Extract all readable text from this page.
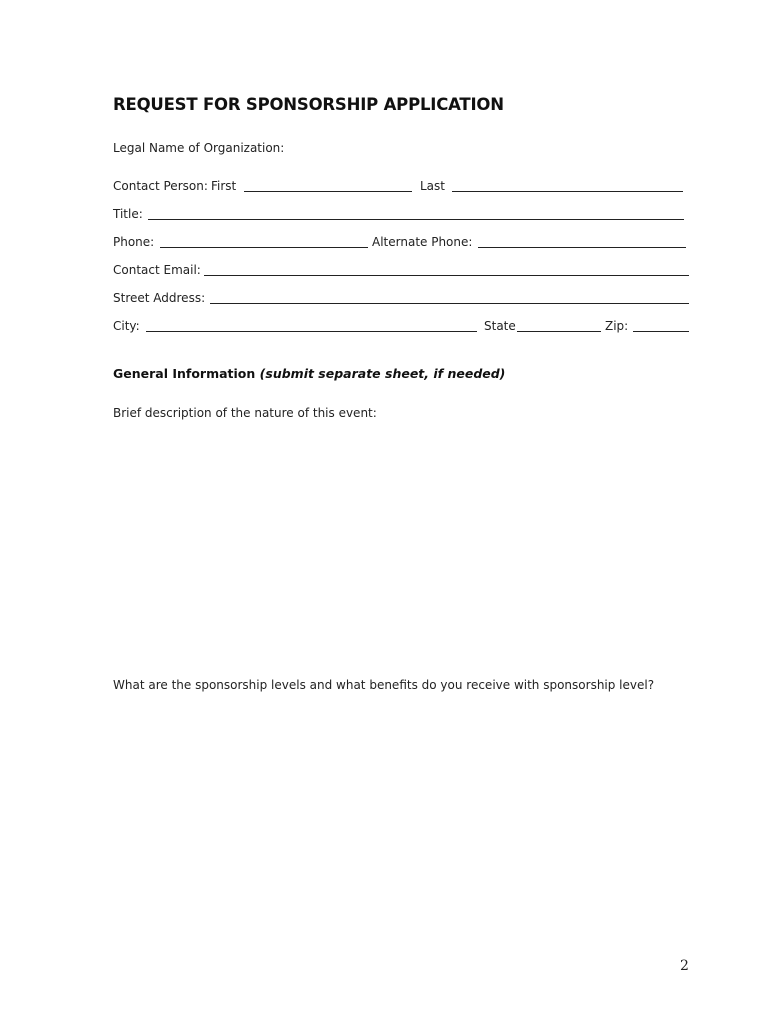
REQUEST FOR SPONSORSHIP APPLICATION
Legal Name of Organization:
Contact Person: First	Last
Title:
Phone:	Alternate Phone:
Contact Email:
Street Address:
City:	State	Zip:
General Information (submit separate sheet, if needed)
Brief description of the nature of this event:
What are the sponsorship levels and what benefits do you receive with sponsorship level?
2
